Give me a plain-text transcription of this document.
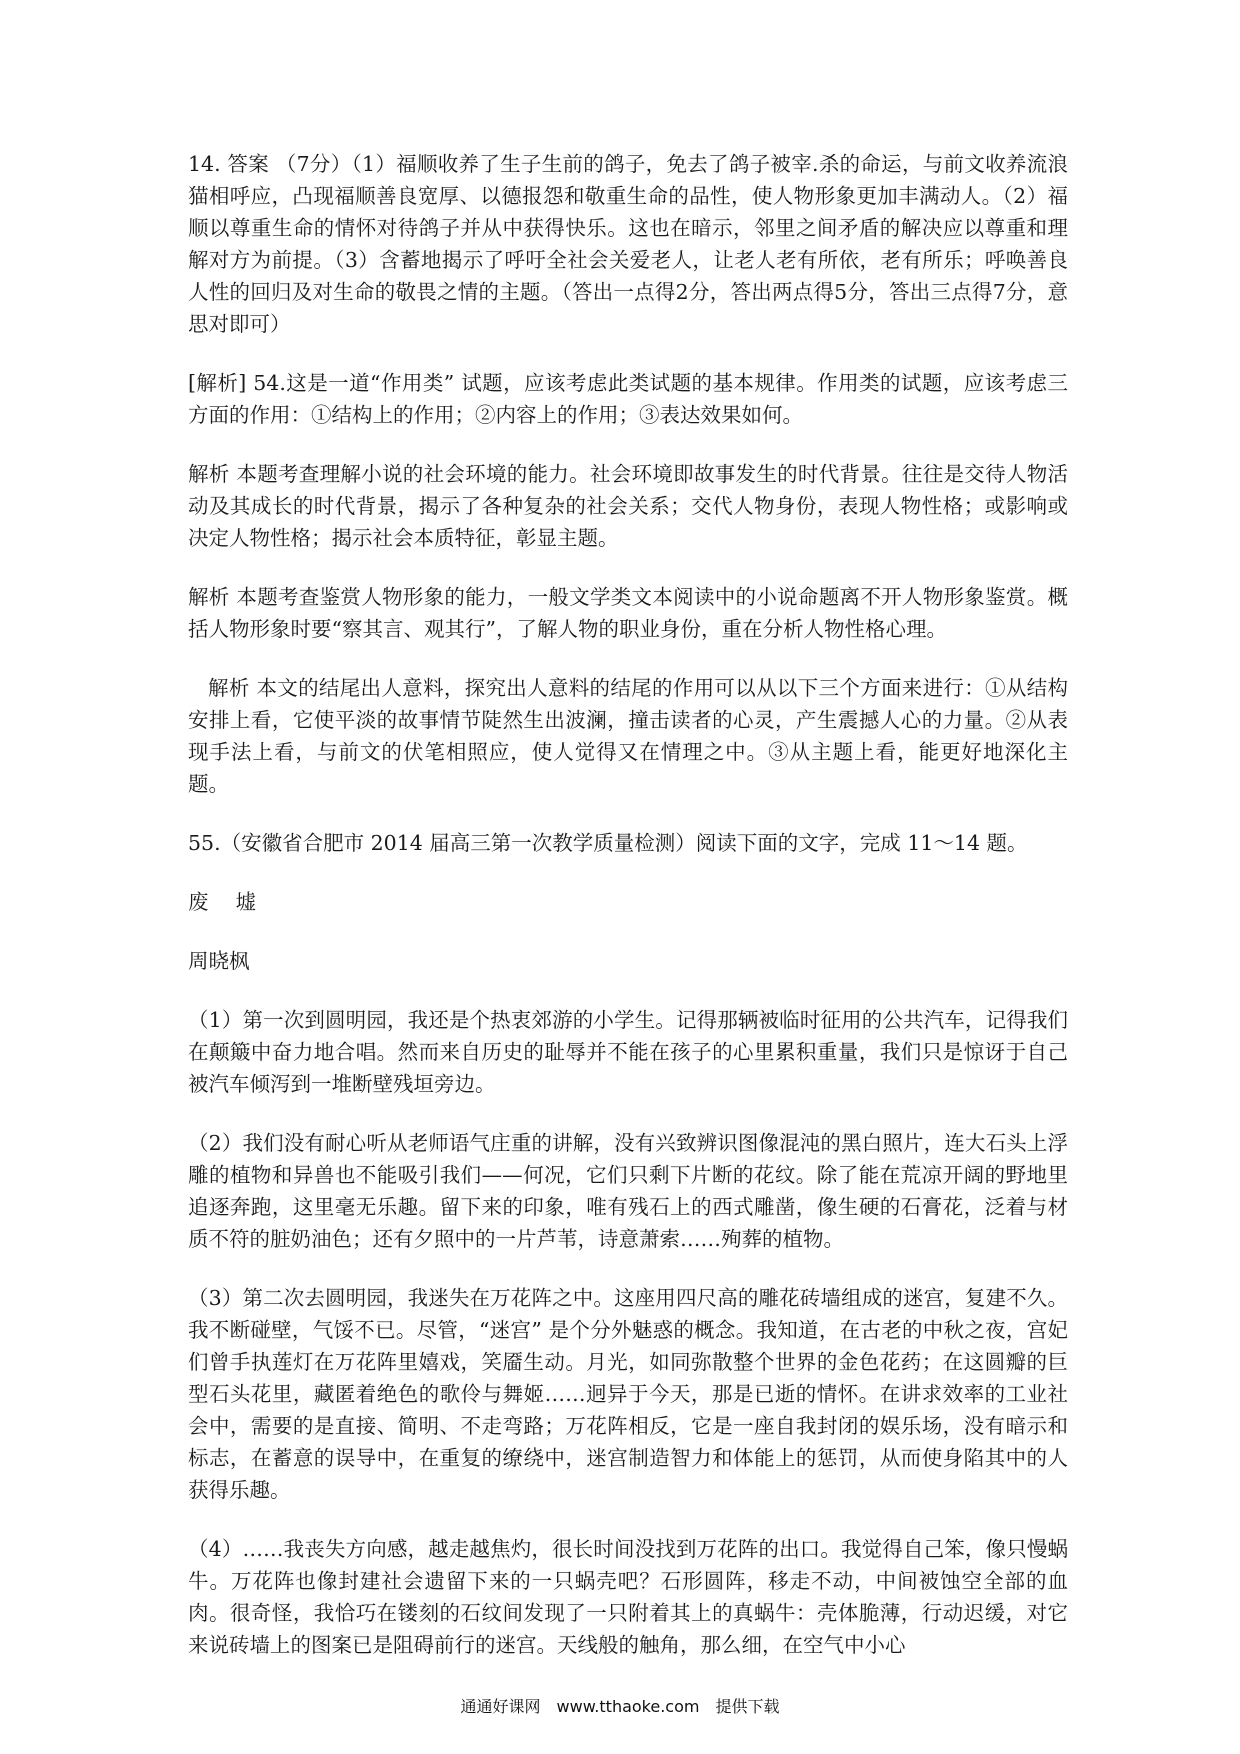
14. 答案 （7分）（1）福顺收养了生子生前的鸽子，免去了鸽子被宰.杀的命运，与前文收养流浪猫相呼应，凸现福顺善良宽厚、以德报怨和敬重生命的品性，使人物形象更加丰满动人。（2）福顺以尊重生命的情怀对待鸽子并从中获得快乐。这也在暗示，邻里之间矛盾的解决应以尊重和理解对方为前提。（3）含蓄地揭示了呼吁全社会关爱老人，让老人老有所依，老有所乐；呼唤善良人性的回归及对生命的敬畏之情的主题。（答出一点得2分，答出两点得5分，答出三点得7分，意思对即可）

[解析] 54.这是一道“作用类” 试题，应该考虑此类试题的基本规律。作用类的试题，应该考虑三方面的作用：①结构上的作用；②内容上的作用；③表达效果如何。

解析 本题考查理解小说的社会环境的能力。社会环境即故事发生的时代背景。往往是交待人物活动及其成长的时代背景，揭示了各种复杂的社会关系；交代人物身份，表现人物性格；或影响或决定人物性格；揭示社会本质特征，彰显主题。

解析 本题考查鉴赏人物形象的能力，一般文学类文本阅读中的小说命题离不开人物形象鉴赏。概括人物形象时要“察其言、观其行”，了解人物的职业身份，重在分析人物性格心理。

解析 本文的结尾出人意料，探究出人意料的结尾的作用可以从以下三个方面来进行：①从结构安排上看，它使平淡的故事情节陡然生出波澜，撞击读者的心灵，产生震撼人心的力量。②从表现手法上看，与前文的伏笔相照应，使人觉得又在情理之中。③从主题上看，能更好地深化主题。

55.（安徽省合肥市 2014 届高三第一次教学质量检测）阅读下面的文字，完成 11～14 题。

废　 墟

周晓枫

（1）第一次到圆明园，我还是个热衷郊游的小学生。记得那辆被临时征用的公共汽车，记得我们在颠簸中奋力地合唱。然而来自历史的耻辱并不能在孩子的心里累积重量，我们只是惊讶于自己被汽车倾泻到一堆断壁残垣旁边。

（2）我们没有耐心听从老师语气庄重的讲解，没有兴致辨识图像混沌的黑白照片，连大石头上浮雕的植物和异兽也不能吸引我们——何况，它们只剩下片断的花纹。除了能在荒凉开阔的野地里追逐奔跑，这里毫无乐趣。留下来的印象，唯有残石上的西式雕凿，像生硬的石膏花，泛着与材质不符的脏奶油色；还有夕照中的一片芦苇，诗意萧索……殉葬的植物。

（3）第二次去圆明园，我迷失在万花阵之中。这座用四尺高的雕花砖墙组成的迷宫，复建不久。我不断碰壁，气馁不已。尽管，“迷宫” 是个分外魅惑的概念。我知道，在古老的中秋之夜，宫妃们曾手执莲灯在万花阵里嬉戏，笑靥生动。月光，如同弥散整个世界的金色花药；在这圆瓣的巨型石头花里，藏匿着绝色的歌伶与舞姬……迥异于今天，那是已逝的情怀。在讲求效率的工业社会中，需要的是直接、简明、不走弯路；万花阵相反，它是一座自我封闭的娱乐场，没有暗示和标志，在蓄意的误导中，在重复的缭绕中，迷宫制造智力和体能上的惩罚，从而使身陷其中的人获得乐趣。

（4）……我丧失方向感，越走越焦灼，很长时间没找到万花阵的出口。我觉得自己笨，像只慢蜗牛。万花阵也像封建社会遗留下来的一只蜗壳吧？石形圆阵，移走不动，中间被蚀空全部的血肉。很奇怪，我恰巧在镂刻的石纹间发现了一只附着其上的真蜗牛：壳体脆薄，行动迟缓，对它来说砖墙上的图案已是阻碍前行的迷宫。天线般的触角，那么细，在空气中小心

通通好课网　www.tthaoke.com　提供下载
